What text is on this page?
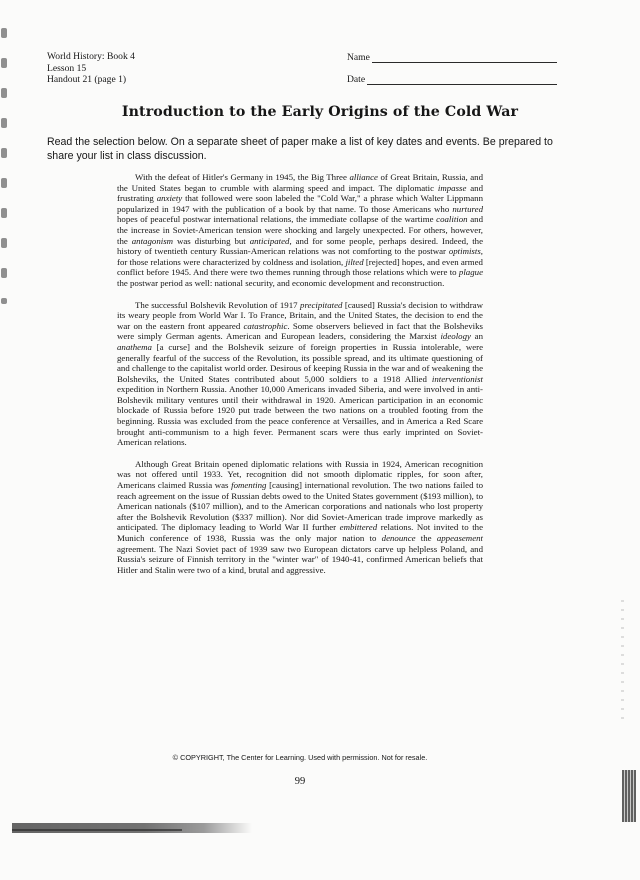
World History: Book 4
Lesson 15
Handout 21 (page 1)
Name
Date
Introduction to the Early Origins of the Cold War
Read the selection below. On a separate sheet of paper make a list of key dates and events. Be prepared to share your list in class discussion.

With the defeat of Hitler's Germany in 1945, the Big Three alliance of Great Britain, Russia, and the United States began to crumble with alarming speed and impact. The diplomatic impasse and frustrating anxiety that followed were soon labeled the "Cold War," a phrase which Walter Lippmann popularized in 1947 with the publication of a book by that name. To those Americans who nurtured hopes of peaceful postwar international relations, the immediate collapse of the wartime coalition and the increase in Soviet-American tension were shocking and largely unexpected. For others, however, the antagonism was disturbing but anticipated, and for some people, perhaps desired. Indeed, the history of twentieth century Russian-American relations was not comforting to the postwar optimists, for those relations were characterized by coldness and isolation, jilted [rejected] hopes, and even armed conflict before 1945. And there were two themes running through those relations which were to plague the postwar period as well: national security, and economic development and reconstruction.

The successful Bolshevik Revolution of 1917 precipitated [caused] Russia's decision to withdraw its weary people from World War I. To France, Britain, and the United States, the decision to end the war on the eastern front appeared catastrophic. Some observers believed in fact that the Bolsheviks were simply German agents. American and European leaders, considering the Marxist ideology an anathema [a curse] and the Bolshevik seizure of foreign properties in Russia intolerable, were generally fearful of the success of the Revolution, its possible spread, and its ultimate questioning of and challenge to the capitalist world order. Desirous of keeping Russia in the war and of weakening the Bolsheviks, the United States contributed about 5,000 soldiers to a 1918 Allied interventionist expedition in Northern Russia. Another 10,000 Americans invaded Siberia, and were involved in anti-Bolshevik military ventures until their withdrawal in 1920. American participation in an economic blockade of Russia before 1920 put trade between the two nations on a troubled footing from the beginning. Russia was excluded from the peace conference at Versailles, and in America a Red Scare brought anti-communism to a high fever. Permanent scars were thus early imprinted on Soviet-American relations.

Although Great Britain opened diplomatic relations with Russia in 1924, American recognition was not offered until 1933. Yet, recognition did not smooth diplomatic ripples, for soon after, Americans claimed Russia was fomenting [causing] international revolution. The two nations failed to reach agreement on the issue of Russian debts owed to the United States government ($193 million), to American nationals ($107 million), and to the American corporations and nationals who lost property after the Bolshevik Revolution ($337 million). Nor did Soviet-American trade improve markedly as anticipated. The diplomacy leading to World War II further embittered relations. Not invited to the Munich conference of 1938, Russia was the only major nation to denounce the appeasement agreement. The Nazi Soviet pact of 1939 saw two European dictators carve up helpless Poland, and Russia's seizure of Finnish territory in the "winter war" of 1940-41, confirmed American beliefs that Hitler and Stalin were two of a kind, brutal and aggressive.

© COPYRIGHT, The Center for Learning. Used with permission. Not for resale.
99
